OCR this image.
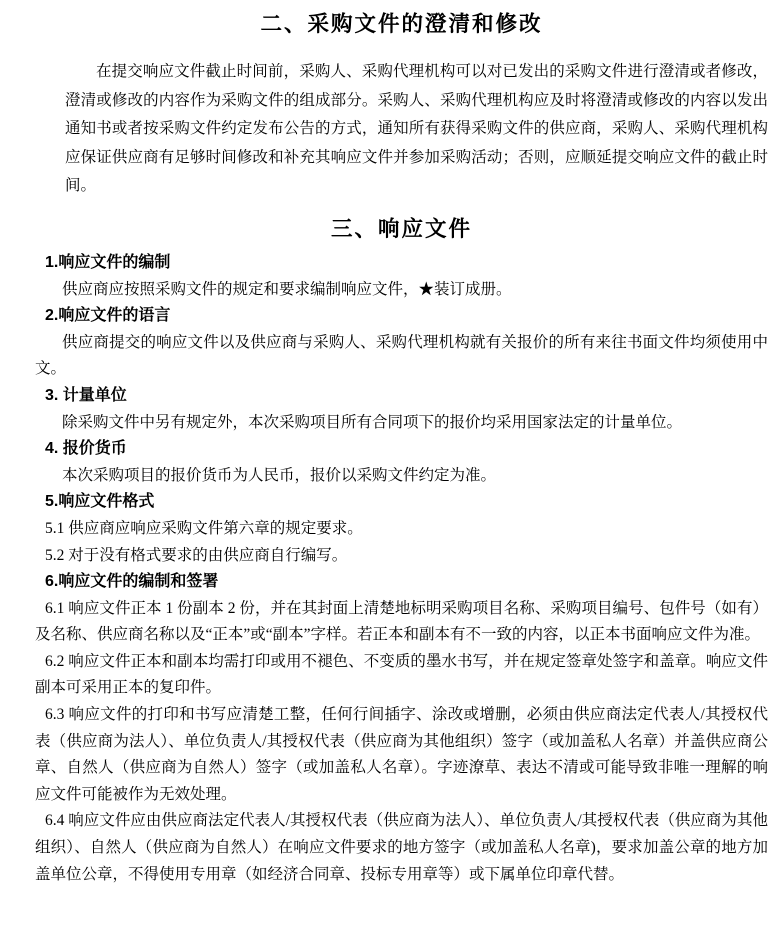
二、采购文件的澄清和修改

在提交响应文件截止时间前，采购人、采购代理机构可以对已发出的采购文件进行澄清或者修改，澄清或修改的内容作为采购文件的组成部分。采购人、采购代理机构应及时将澄清或修改的内容以发出通知书或者按采购文件约定发布公告的方式，通知所有获得采购文件的供应商，采购人、采购代理机构应保证供应商有足够时间修改和补充其响应文件并参加采购活动；否则，应顺延提交响应文件的截止时间。

三、响应文件
1.响应文件的编制

供应商应按照采购文件的规定和要求编制响应文件，★装订成册。

2.响应文件的语言

供应商提交的响应文件以及供应商与采购人、采购代理机构就有关报价的所有来往书面文件均须使用中文。

3. 计量单位

除采购文件中另有规定外，本次采购项目所有合同项下的报价均采用国家法定的计量单位。

4. 报价货币

本次采购项目的报价货币为人民币，报价以采购文件约定为准。

5.响应文件格式

5.1 供应商应响应采购文件第六章的规定要求。

5.2 对于没有格式要求的由供应商自行编写。

6.响应文件的编制和签署

6.1 响应文件正本 1 份副本 2 份，并在其封面上清楚地标明采购项目名称、采购项目编号、包件号（如有）及名称、供应商名称以及“正本”或“副本”字样。若正本和副本有不一致的内容，以正本书面响应文件为准。

6.2 响应文件正本和副本均需打印或用不褪色、不变质的墨水书写，并在规定签章处签字和盖章。响应文件副本可采用正本的复印件。

6.3 响应文件的打印和书写应清楚工整，任何行间插字、涂改或增删，必须由供应商法定代表人/其授权代表（供应商为法人）、单位负责人/其授权代表（供应商为其他组织）签字（或加盖私人名章）并盖供应商公章、自然人（供应商为自然人）签字（或加盖私人名章）。字迹潦草、表达不清或可能导致非唯一理解的响应文件可能被作为无效处理。

6.4 响应文件应由供应商法定代表人/其授权代表（供应商为法人）、单位负责人/其授权代表（供应商为其他组织）、自然人（供应商为自然人）在响应文件要求的地方签字（或加盖私人名章)，要求加盖公章的地方加盖单位公章，不得使用专用章（如经济合同章、投标专用章等）或下属单位印章代替。
